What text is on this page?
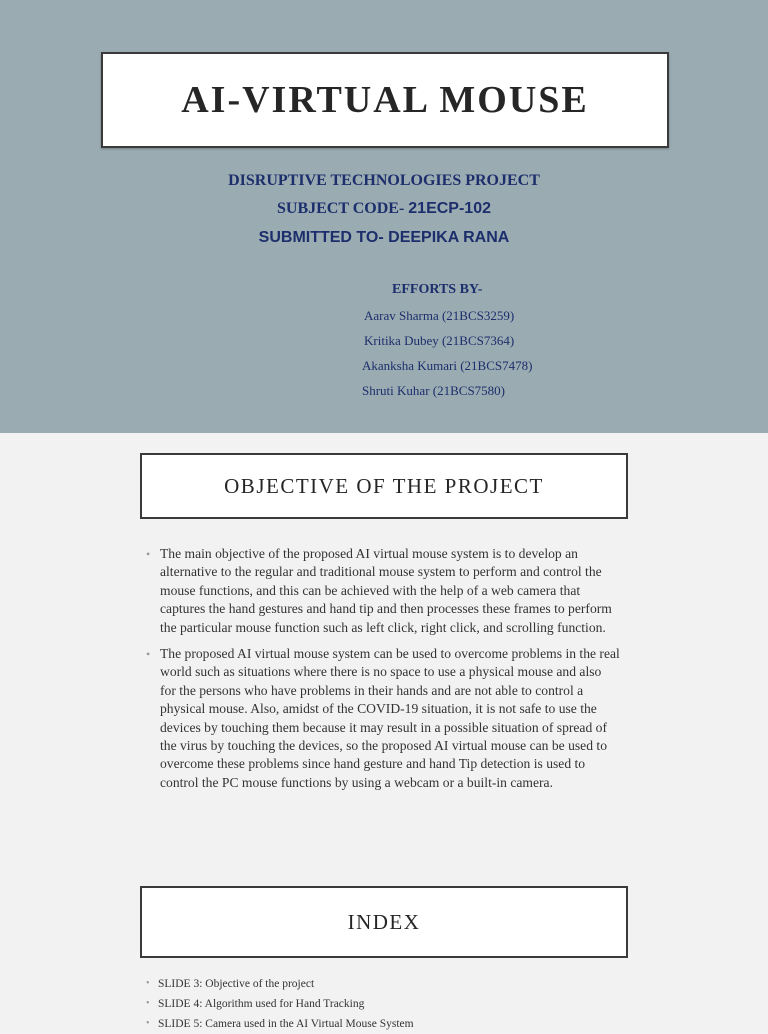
AI-VIRTUAL MOUSE
DISRUPTIVE TECHNOLOGIES PROJECT
SUBJECT CODE- 21ECP-102
SUBMITTED TO- DEEPIKA RANA
EFFORTS BY-
Aarav Sharma (21BCS3259)
Kritika Dubey (21BCS7364)
Akanksha Kumari (21BCS7478)
Shruti Kuhar (21BCS7580)
OBJECTIVE OF THE PROJECT
• The main objective of the proposed AI virtual mouse system is to develop an alternative to the regular and traditional mouse system to perform and control the mouse functions, and this can be achieved with the help of a web camera that captures the hand gestures and hand tip and then processes these frames to perform the particular mouse function such as left click, right click, and scrolling function.
• The proposed AI virtual mouse system can be used to overcome problems in the real world such as situations where there is no space to use a physical mouse and also for the persons who have problems in their hands and are not able to control a physical mouse. Also, amidst of the COVID-19 situation, it is not safe to use the devices by touching them because it may result in a possible situation of spread of the virus by touching the devices, so the proposed AI virtual mouse can be used to overcome these problems since hand gesture and hand Tip detection is used to control the PC mouse functions by using a webcam or a built-in camera.
INDEX
• SLIDE 3: Objective of the project
• SLIDE 4: Algorithm used for Hand Tracking
• SLIDE 5: Camera used in the AI Virtual Mouse System
